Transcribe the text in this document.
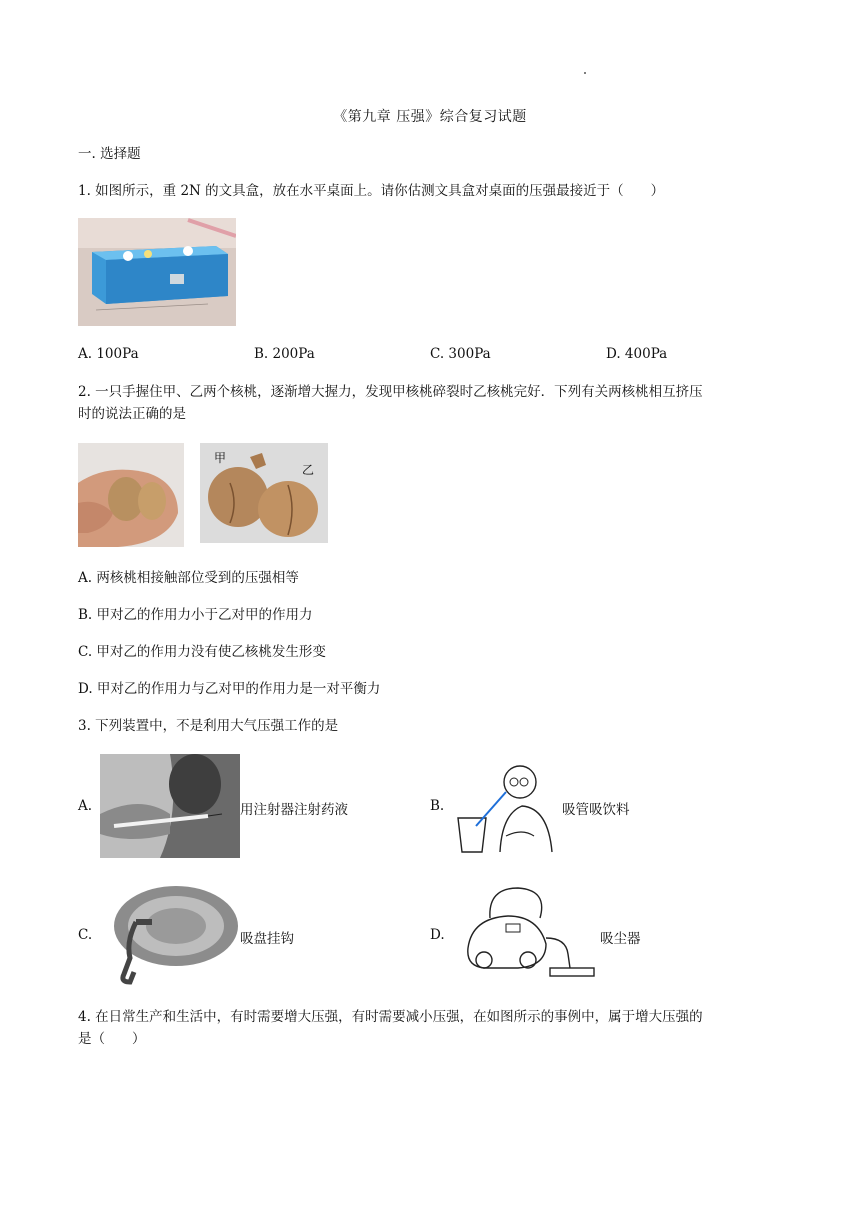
《第九章 压强》综合复习试题
一. 选择题
1. 如图所示，重 2N 的文具盒，放在水平桌面上。请你估测文具盒对桌面的压强最接近于（　　）
A. 100Pa	B. 200Pa	C. 300Pa	D. 400Pa
2. 一只手握住甲、乙两个核桃，逐渐增大握力，发现甲核桃碎裂时乙核桃完好．下列有关两核桃相互挤压
时的说法正确的是
甲
乙
A. 两核桃相接触部位受到的压强相等
B. 甲对乙的作用力小于乙对甲的作用力
C. 甲对乙的作用力没有使乙核桃发生形变
D. 甲对乙的作用力与乙对甲的作用力是一对平衡力
3. 下列装置中，不是利用大气压强工作的是
A.	用注射器注射药液	B.	吸管吸饮料
C.	吸盘挂钩	D.	吸尘器
4. 在日常生产和生活中，有时需要增大压强，有时需要减小压强，在如图所示的事例中，属于增大压强的
是（　　）
